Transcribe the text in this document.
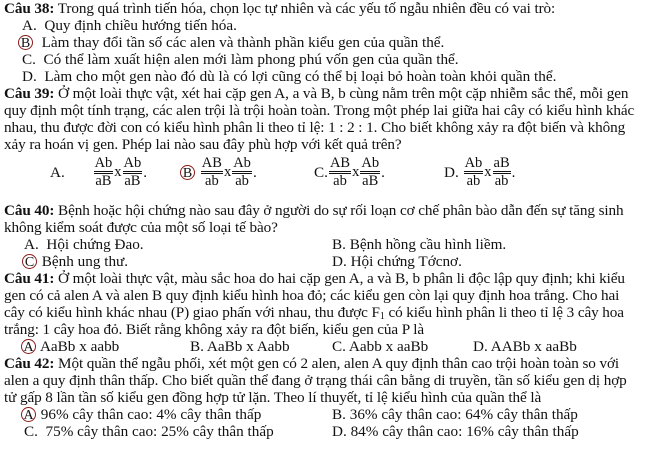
Câu 38: Trong quá trình tiến hóa, chọn lọc tự nhiên và các yếu tố ngẫu nhiên đều có vai trò:
A. Quy định chiều hướng tiến hóa.
B Làm thay đổi tần số các alen và thành phần kiểu gen của quần thể.
C. Có thể làm xuất hiện alen mới làm phong phú vốn gen của quần thể.
D. Làm cho một gen nào đó dù là có lợi cũng có thể bị loại bỏ hoàn toàn khỏi quần thể.
Câu 39: Ở một loài thực vật, xét hai cặp gen A, a và B, b cùng nằm trên một cặp nhiễm sắc thể, mỗi gen
quy định một tính trạng, các alen trội là trội hoàn toàn. Trong một phép lai giữa hai cây có kiểu hình khác
nhau, thu được đời con có kiểu hình phân li theo tỉ lệ: 1 : 2 : 1. Cho biết không xảy ra đột biến và không
xảy ra hoán vị gen. Phép lai nào sau đây phù hợp với kết quả trên?
A. $\frac{Ab}{aB}$ x $\frac{Ab}{aB}$ .	B $\frac{AB}{ab}$ x $\frac{Ab}{ab}$ .	C. $\frac{AB}{ab}$ x $\frac{Ab}{aB}$ .	D. $\frac{Ab}{ab}$ x $\frac{aB}{ab}$ .
Câu 40: Bệnh hoặc hội chứng nào sau đây ở người do sự rối loạn cơ chế phân bào dẫn đến sự tăng sinh
không kiểm soát được của một số loại tế bào?
A. Hội chứng Đao.	B. Bệnh hồng cầu hình liềm.
C Bệnh ung thư.	D. Hội chứng Tớcnơ.
Câu 41: Ở một loài thực vật, màu sắc hoa do hai cặp gen A, a và B, b phân li độc lập quy định; khi kiểu
gen có cả alen A và alen B quy định kiểu hình hoa đỏ; các kiểu gen còn lại quy định hoa trắng. Cho hai
cây có kiểu hình khác nhau (P) giao phấn với nhau, thu được $F_1$ có kiểu hình phân li theo tỉ lệ 3 cây hoa
trắng: 1 cây hoa đỏ. Biết rằng không xảy ra đột biến, kiểu gen của P là
A AaBb x aabb	B. AaBb x Aabb	C. Aabb x aaBb	D. AABb x aaBb
Câu 42: Một quần thể ngẫu phối, xét một gen có 2 alen, alen A quy định thân cao trội hoàn toàn so với
alen a quy định thân thấp. Cho biết quần thể đang ở trạng thái cân bằng di truyền, tần số kiểu gen dị hợp
tử gấp 8 lần tần số kiểu gen đồng hợp tử lặn. Theo lí thuyết, tỉ lệ kiểu hình của quần thể là
A 96% cây thân cao: 4% cây thân thấp	B. 36% cây thân cao: 64% cây thân thấp
C. 75% cây thân cao: 25% cây thân thấp	D. 84% cây thân cao: 16% cây thân thấp
